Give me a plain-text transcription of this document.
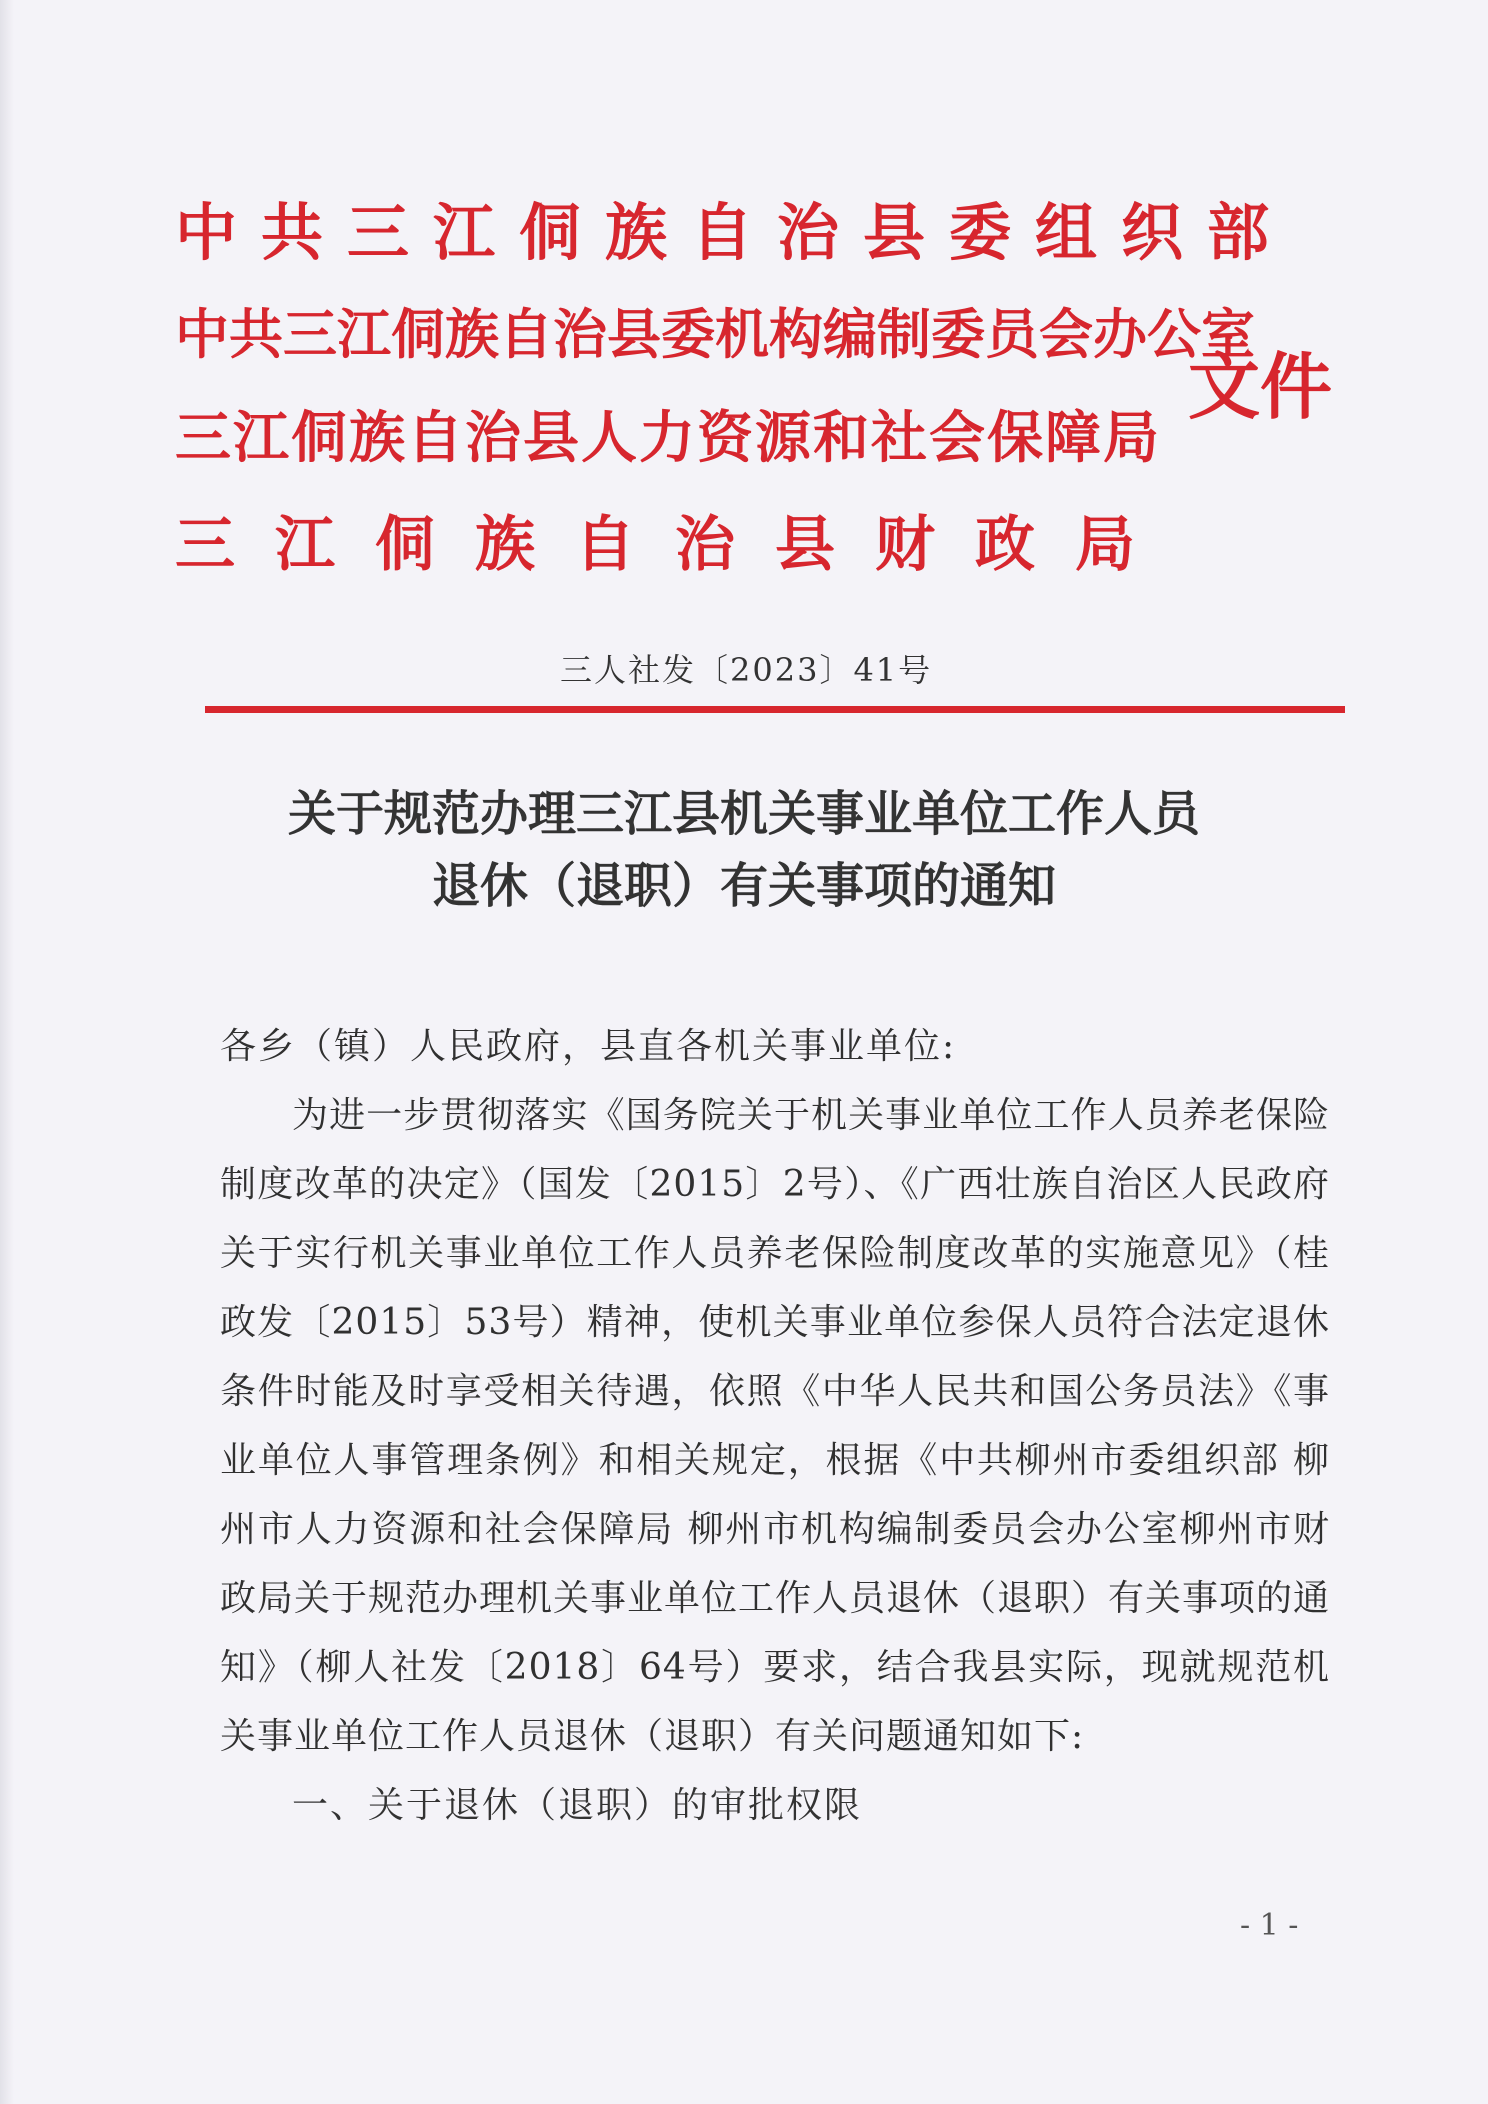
中共三江侗族自治县委组织部
中共三江侗族自治县委机构编制委员会办公室
三江侗族自治县人力资源和社会保障局
三江侗族自治县财政局
文件
三人社发〔2023〕41号
关于规范办理三江县机关事业单位工作人员
退休（退职）有关事项的通知
各乡（镇）人民政府，县直各机关事业单位:
为进一步贯彻落实《国务院关于机关事业单位工作人员养老保险制度改革的决定》（国发〔2015〕2号）、《广西壮族自治区人民政府关于实行机关事业单位工作人员养老保险制度改革的实施意见》（桂政发〔2015〕53号）精神，使机关事业单位参保人员符合法定退休条件时能及时享受相关待遇，依照《中华人民共和国公务员法》《事业单位人事管理条例》和相关规定，根据《中共柳州市委组织部 柳州市人力资源和社会保障局 柳州市机构编制委员会办公室柳州市财政局关于规范办理机关事业单位工作人员退休（退职）有关事项的通知》（柳人社发〔2018〕64号）要求，结合我县实际，现就规范机关事业单位工作人员退休（退职）有关问题通知如下:
一、关于退休（退职）的审批权限
- 1 -
